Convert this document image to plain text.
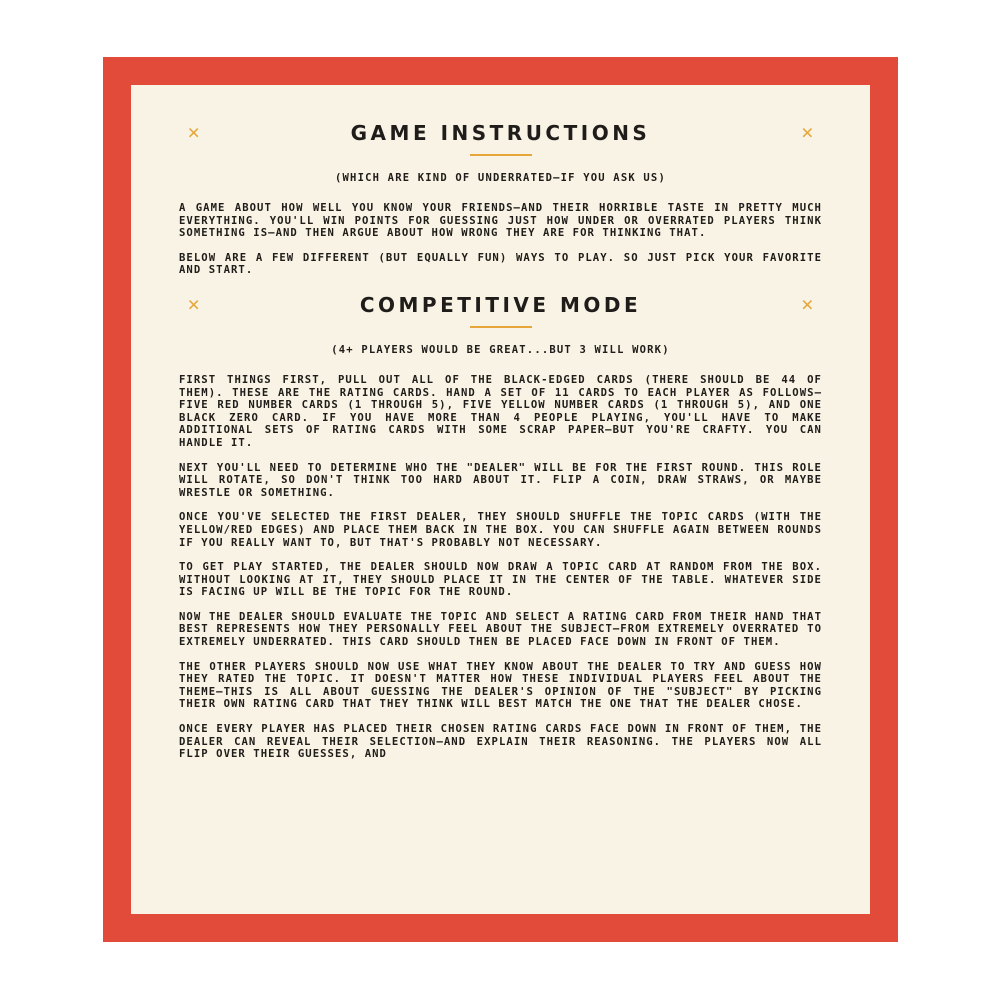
✕	GAME INSTRUCTIONS	✕
(WHICH ARE KIND OF UNDERRATED—IF YOU ASK US)

A GAME ABOUT HOW WELL YOU KNOW YOUR FRIENDS—AND THEIR HORRIBLE TASTE IN PRETTY MUCH EVERYTHING. YOU'LL WIN POINTS FOR GUESSING JUST HOW UNDER OR OVERRATED PLAYERS THINK SOMETHING IS—AND THEN ARGUE ABOUT HOW WRONG THEY ARE FOR THINKING THAT.

BELOW ARE A FEW DIFFERENT (BUT EQUALLY FUN) WAYS TO PLAY. SO JUST PICK YOUR FAVORITE AND START.

✕	COMPETITIVE MODE	✕
(4+ PLAYERS WOULD BE GREAT...BUT 3 WILL WORK)

FIRST THINGS FIRST, PULL OUT ALL OF THE BLACK-EDGED CARDS (THERE SHOULD BE 44 OF THEM). THESE ARE THE RATING CARDS. HAND A SET OF 11 CARDS TO EACH PLAYER AS FOLLOWS—FIVE RED NUMBER CARDS (1 THROUGH 5), FIVE YELLOW NUMBER CARDS (1 THROUGH 5), AND ONE BLACK ZERO CARD. IF YOU HAVE MORE THAN 4 PEOPLE PLAYING, YOU'LL HAVE TO MAKE ADDITIONAL SETS OF RATING CARDS WITH SOME SCRAP PAPER—BUT YOU'RE CRAFTY. YOU CAN HANDLE IT.

NEXT YOU'LL NEED TO DETERMINE WHO THE "DEALER" WILL BE FOR THE FIRST ROUND. THIS ROLE WILL ROTATE, SO DON'T THINK TOO HARD ABOUT IT. FLIP A COIN, DRAW STRAWS, OR MAYBE WRESTLE OR SOMETHING.

ONCE YOU'VE SELECTED THE FIRST DEALER, THEY SHOULD SHUFFLE THE TOPIC CARDS (WITH THE YELLOW/RED EDGES) AND PLACE THEM BACK IN THE BOX. YOU CAN SHUFFLE AGAIN BETWEEN ROUNDS IF YOU REALLY WANT TO, BUT THAT'S PROBABLY NOT NECESSARY.

TO GET PLAY STARTED, THE DEALER SHOULD NOW DRAW A TOPIC CARD AT RANDOM FROM THE BOX. WITHOUT LOOKING AT IT, THEY SHOULD PLACE IT IN THE CENTER OF THE TABLE. WHATEVER SIDE IS FACING UP WILL BE THE TOPIC FOR THE ROUND.

NOW THE DEALER SHOULD EVALUATE THE TOPIC AND SELECT A RATING CARD FROM THEIR HAND THAT BEST REPRESENTS HOW THEY PERSONALLY FEEL ABOUT THE SUBJECT—FROM EXTREMELY OVERRATED TO EXTREMELY UNDERRATED. THIS CARD SHOULD THEN BE PLACED FACE DOWN IN FRONT OF THEM.

THE OTHER PLAYERS SHOULD NOW USE WHAT THEY KNOW ABOUT THE DEALER TO TRY AND GUESS HOW THEY RATED THE TOPIC. IT DOESN'T MATTER HOW THESE INDIVIDUAL PLAYERS FEEL ABOUT THE THEME—THIS IS ALL ABOUT GUESSING THE DEALER'S OPINION OF THE "SUBJECT" BY PICKING THEIR OWN RATING CARD THAT THEY THINK WILL BEST MATCH THE ONE THAT THE DEALER CHOSE.

ONCE EVERY PLAYER HAS PLACED THEIR CHOSEN RATING CARDS FACE DOWN IN FRONT OF THEM, THE DEALER CAN REVEAL THEIR SELECTION—AND EXPLAIN THEIR REASONING. THE PLAYERS NOW ALL FLIP OVER THEIR GUESSES, AND
